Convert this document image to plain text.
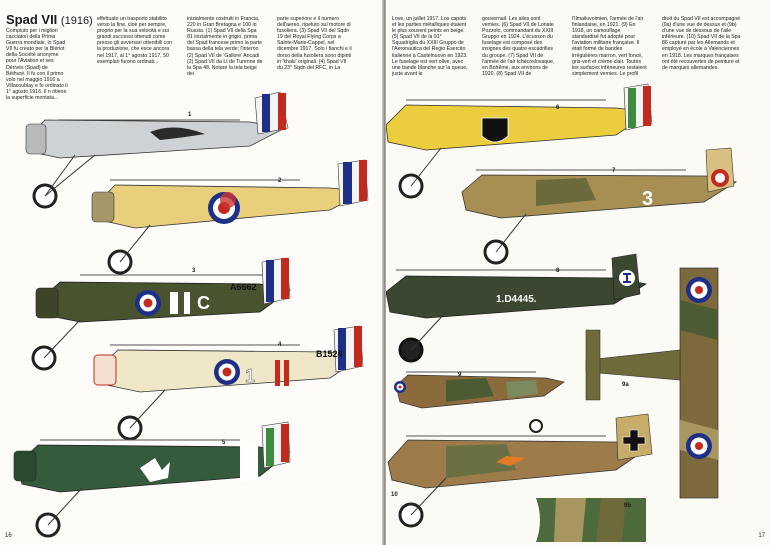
Spad VII (1916)
Compiuto per i migliori cacciatori della Prima Guerra mondiale, lo Spad VII fu creato per la Blériot della Société anonyme pour l'Aviation et ses Dérivés (Spad) de Béthuré. Il fu con il primo volo nel maggio 1916 a Villacoublay e fu ordinato il 1° agosto 1916. Il n ritiene la superficie montata...
effettuato un trasporto stabilito verso la fine, cioè per sempre, proprio per la sua velocità e sui grandi successi ottenuti come presso gli avversari ottenibili con la produzione, che esce ancora nel 1917, al 1° agosto 1917, 50 esemplari furono ordinati...
inizialmente costruiti in Francia, 220 in Gran Bretagna e 100 in Russia. (1) Spad VII della Spa 81 inizialmente in grigio, prima del Spad francese primo la parte bassa della tela verde; l'interno (2) Spad VII de 'Gallore' Ancadi (2) Spad VII da Lt de Turenne de la Spa 48. Notare la tela beige dei
parte superiore e il numero dell'aereo, ripetuto sul motore di fusoliera. (3) Spad VII del Sqdn 19 del Royal Flying Corps a Sainte-Marie-Cappel, nel dicembre 1917. Solo i fianchi e il dorso della fusoliera sono dipinti in 'khaki' originali. (4) Spad VII du 23° Sqdn del RFC, in La
C
A6662
1
B1524
1
2
3
4
5
16
Love, un juillet 1917. Los capots et les parties métalliques étaient le plus souvent peints en beige. (5) Spad VII de la 91° Squadriglia du XXIII Gruppo de l'Aeronautica del Regio Esercito italienne à Castelnuovo en 1923. Le fuselage est vert olive, avec une bande blanche sur la queue, juste avant le
gouvernail. Les ailes sont vernies. (6) Spad VII de Lonate Pozzolo, commandant du XXIII Gruppo en 1924. L'écusson du fuselage est composé des insignes des quatre escadrilles du groupe. (7) Spad VII de l'armée de l'air tchécoslovaque, en Bohême, aux environs de 1920. (8) Spad VII de
l'Ilmailuvoimien, l'armée de l'air finlandaise, en 1921. (9) En 1918, un camouflage standardisé fut adopté pour l'aviation militaire française. Il était formé de bandes irrégulières marron, vert foncé, gris-vert et crème clair. Toutes les surfaces inférieures restaient simplement vernies. Le profil
droit du Spad VII est accompagné (9a) d'une vue de dessus et (9b) d'une vue de dessous de l'aile inférieure. (10) Spad VII de la Spa 86 capturé par les Allemands et employé en école à Valenciennes en 1918. Les marques françaises ont été recouvertes de peinture et de marques allemandes.
3
1.D4445.
6
7
8
9
9a
10
9b
17
